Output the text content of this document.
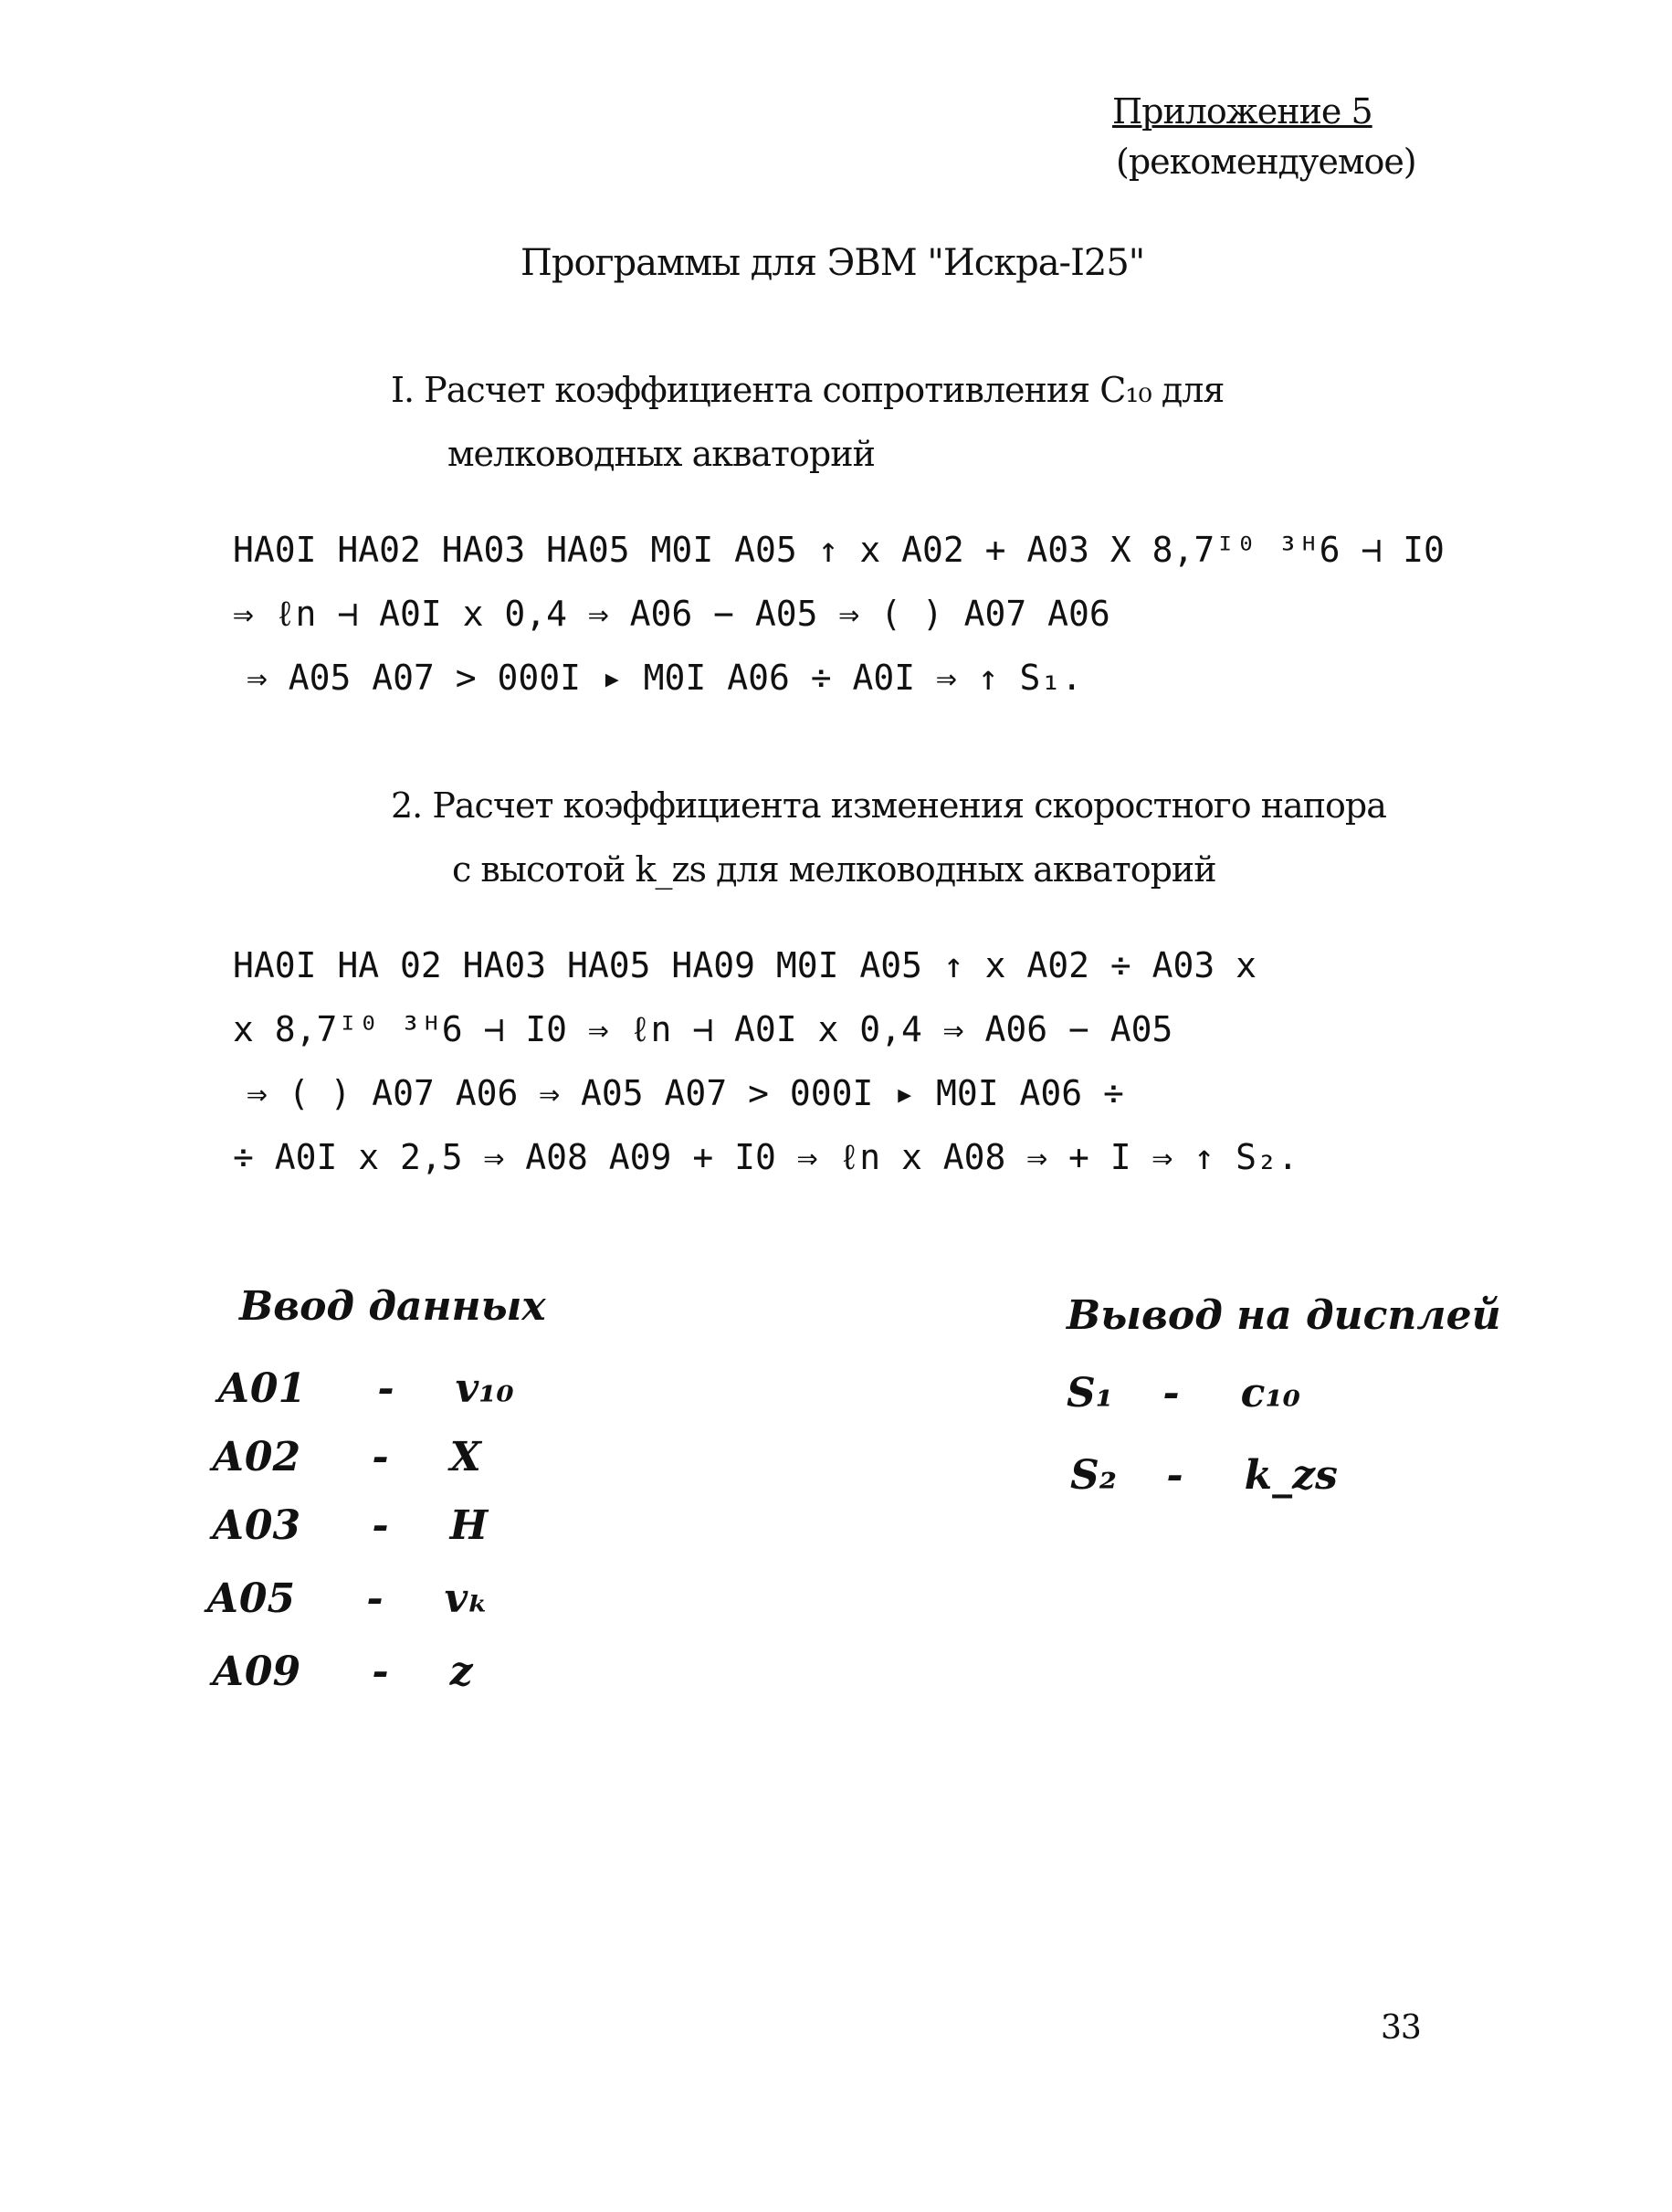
Приложение 5
(рекомендуемое)
Программы для ЭВМ "Искра-I25"
I. Расчет коэффициента сопротивления C₁₀ для
мелководных акваторий
НА0I НА02 НА03 НА05 М0I А05 ↑ х А02 + А03 Х 8,7ᴵ⁰ ³ᴴ6 ⊣ I0
⇒ ℓn ⊣ А0I х 0,4 ⇒ А06 − А05 ⇒ ( ) А07 А06
⇒ А05 А07 > 000I ▸ М0I А06 ÷ А0I ⇒ ↑ S₁.
2. Расчет коэффициента изменения скоростного напора
с высотой k_zs для мелководных акваторий
НА0I НА 02 НА03 НА05 НА09 М0I А05 ↑ х А02 ÷ А03 х
х 8,7ᴵ⁰ ³ᴴ6 ⊣ I0 ⇒ ℓn ⊣ А0I х 0,4 ⇒ А06 − А05
⇒ ( ) А07 А06 ⇒ А05 А07 > 000I ▸ М0I А06 ÷
÷ А0I х 2,5 ⇒ А08 А09 + I0 ⇒ ℓn х А08 ⇒ + I ⇒ ↑ S₂.
Ввод данных
А01 - v₁₀
А02 - X
А03 - H
А05 - vₖ
А09 - z
Вывод на дисплей
S₁ - c₁₀
S₂ - k_zs
33
